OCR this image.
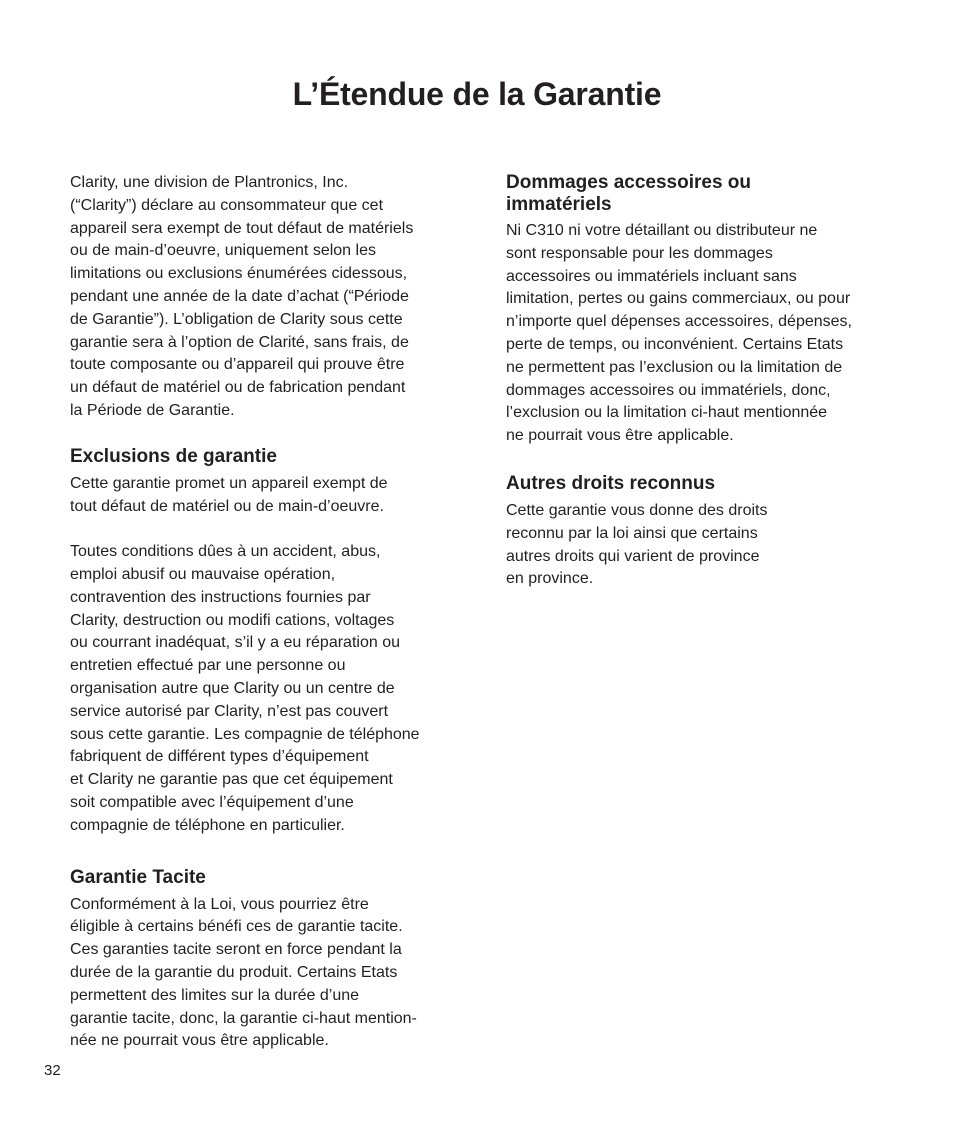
L’Étendue de la Garantie

Clarity, une division de Plantronics, Inc.
(“Clarity”) déclare au consommateur que cet
appareil sera exempt de tout défaut de matériels
ou de main-d’oeuvre, uniquement selon les
limitations ou exclusions énumérées cidessous,
pendant une année de la date d’achat (“Période
de Garantie”). L’obligation de Clarity sous cette
garantie sera à l’option de Clarité, sans frais, de
toute composante ou d’appareil qui prouve être
un défaut de matériel ou de fabrication pendant
la Période de Garantie.

Exclusions de garantie

Cette garantie promet un appareil exempt de
tout défaut de matériel ou de main-d’oeuvre.

Toutes conditions dûes à un accident, abus,
emploi abusif ou mauvaise opération,
contravention des instructions fournies par
Clarity, destruction ou modifi cations, voltages
ou courrant inadéquat, s’il y a eu réparation ou
entretien effectué par une personne ou
organisation autre que Clarity ou un centre de
service autorisé par Clarity, n’est pas couvert
sous cette garantie. Les compagnie de téléphone
fabriquent de différent types d’équipement
et Clarity ne garantie pas que cet équipement
soit compatible avec l’équipement d’une
compagnie de téléphone en particulier.

Garantie Tacite

Conformément à la Loi, vous pourriez être
éligible à certains bénéfi ces de garantie tacite.
Ces garanties tacite seront en force pendant la
durée de la garantie du produit. Certains Etats
permettent des limites sur la durée d’une
garantie tacite, donc, la garantie ci-haut mention-
née ne pourrait vous être applicable.

Dommages accessoires ou
immatériels

Ni C310 ni votre détaillant ou distributeur ne
sont responsable pour les dommages
accessoires ou immatériels incluant sans
limitation, pertes ou gains commerciaux, ou pour
n’importe quel dépenses accessoires, dépenses,
perte de temps, ou inconvénient. Certains Etats
ne permettent pas l’exclusion ou la limitation de
dommages accessoires ou immatériels, donc,
l’exclusion ou la limitation ci-haut mentionnée
ne pourrait vous être applicable.

Autres droits reconnus

Cette garantie vous donne des droits
reconnu par la loi ainsi que certains
autres droits qui varient de province
en province.

32
